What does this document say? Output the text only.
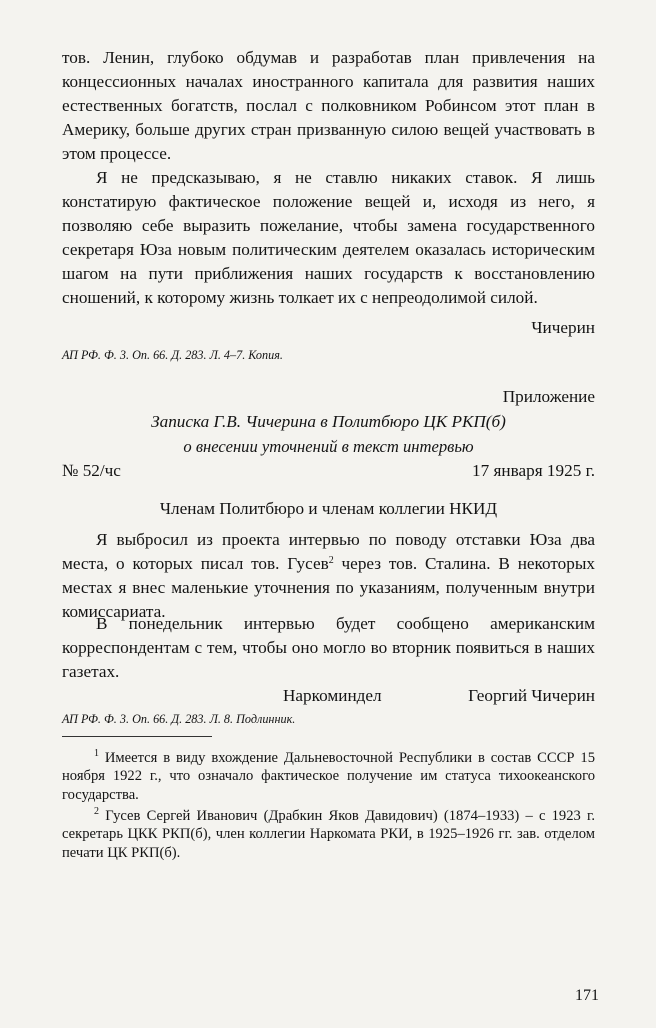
тов. Ленин, глубоко обдумав и разработав план привлечения на концессионных началах иностранного капитала для развития наших естественных богатств, послал с полковником Робинсом этот план в Америку, больше других стран призванную силою вещей участвовать в этом процессе.

Я не предсказываю, я не ставлю никаких ставок. Я лишь констатирую фактическое положение вещей и, исходя из него, я позволяю себе выразить пожелание, чтобы замена государственного секретаря Юза новым политическим деятелем оказалась историческим шагом на пути приближения наших государств к восстановлению сношений, к которому жизнь толкает их с непреодолимой силой.

Чичерин

АП РФ. Ф. 3. Оп. 66. Д. 283. Л. 4–7. Копия.

Приложение

Записка Г.В. Чичерина в Политбюро ЦК РКП(б)

о внесении уточнений в текст интервью

№ 52/чс	17 января 1925 г.

Членам Политбюро и членам коллегии НКИД

Я выбросил из проекта интервью по поводу отставки Юза два места, о которых писал тов. Гусев$^2$ через тов. Сталина. В некоторых местах я внес маленькие уточнения по указаниям, полученным внутри комиссариата.

В понедельник интервью будет сообщено американским корреспондентам с тем, чтобы оно могло во вторник появиться в наших газетах.

Наркоминдел	Георгий Чичерин

АП РФ. Ф. 3. Оп. 66. Д. 283. Л. 8. Подлинник.

$^1$ Имеется в виду вхождение Дальневосточной Республики в состав СССР 15 ноября 1922 г., что означало фактическое получение им статуса тихоокеанского государства.

$^2$ Гусев Сергей Иванович (Драбкин Яков Давидович) (1874–1933) – с 1923 г. секретарь ЦКК РКП(б), член коллегии Наркомата РКИ, в 1925–1926 гг. зав. отделом печати ЦК РКП(б).

171
